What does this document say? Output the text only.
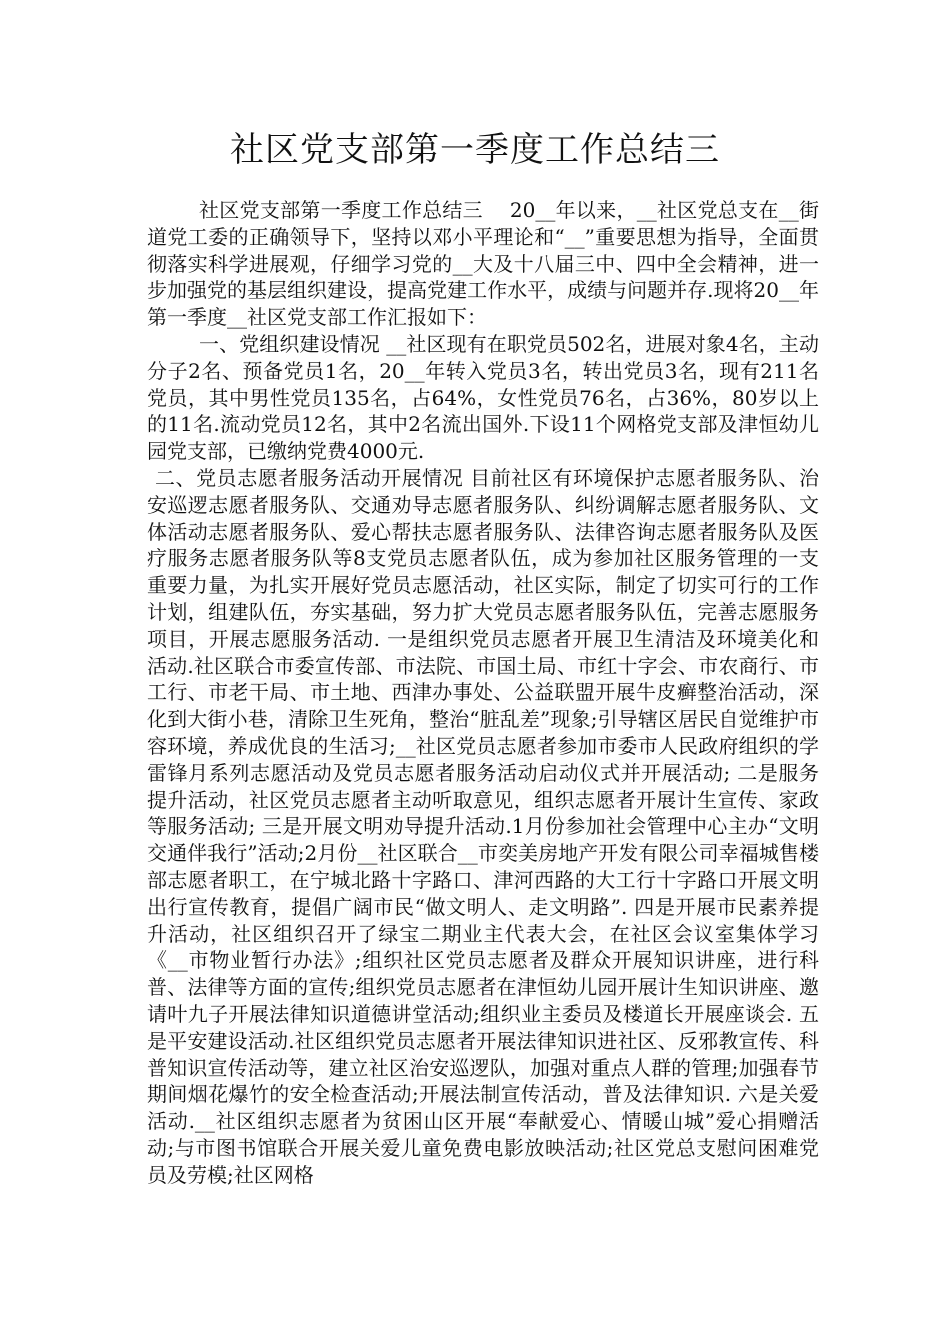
社区党支部第一季度工作总结三

社区党支部第一季度工作总结三　 20__年以来，__社区党总支在__街道党工委的正确领导下，坚持以邓小平理论和“__”重要思想为指导，全面贯彻落实科学进展观，仔细学习党的__大及十八届三中、四中全会精神，进一步加强党的基层组织建设，提高党建工作水平，成绩与问题并存.现将20__年第一季度__社区党支部工作汇报如下：

一、党组织建设情况 __社区现有在职党员502名，进展对象4名，主动分子2名、预备党员1名，20__年转入党员3名，转出党员3名，现有211名党员，其中男性党员135名，占64%，女性党员76名，占36%，80岁以上的11名.流动党员12名，其中2名流出国外.下设11个网格党支部及津恒幼儿园党支部，已缴纳党费4000元.

二、党员志愿者服务活动开展情况 目前社区有环境保护志愿者服务队、治安巡逻志愿者服务队、交通劝导志愿者服务队、纠纷调解志愿者服务队、文体活动志愿者服务队、爱心帮扶志愿者服务队、法律咨询志愿者服务队及医疗服务志愿者服务队等8支党员志愿者队伍，成为参加社区服务管理的一支重要力量，为扎实开展好党员志愿活动，社区实际，制定了切实可行的工作计划，组建队伍，夯实基础，努力扩大党员志愿者服务队伍，完善志愿服务项目，开展志愿服务活动. 一是组织党员志愿者开展卫生清洁及环境美化和活动.社区联合市委宣传部、市法院、市国土局、市红十字会、市农商行、市工行、市老干局、市土地、西津办事处、公益联盟开展牛皮癣整治活动，深化到大街小巷，清除卫生死角，整治“脏乱差”现象;引导辖区居民自觉维护市容环境，养成优良的生活习;__社区党员志愿者参加市委市人民政府组织的学雷锋月系列志愿活动及党员志愿者服务活动启动仪式并开展活动; 二是服务提升活动，社区党员志愿者主动听取意见，组织志愿者开展计生宣传、家政等服务活动; 三是开展文明劝导提升活动.1月份参加社会管理中心主办“文明交通伴我行”活动;2月份__社区联合__市奕美房地产开发有限公司幸福城售楼部志愿者职工，在宁城北路十字路口、津河西路的大工行十字路口开展文明出行宣传教育，提倡广阔市民“做文明人、走文明路”. 四是开展市民素养提升活动，社区组织召开了绿宝二期业主代表大会，在社区会议室集体学习《__市物业暂行办法》;组织社区党员志愿者及群众开展知识讲座，进行科普、法律等方面的宣传;组织党员志愿者在津恒幼儿园开展计生知识讲座、邀请叶九子开展法律知识道德讲堂活动;组织业主委员及楼道长开展座谈会. 五是平安建设活动.社区组织党员志愿者开展法律知识进社区、反邪教宣传、科普知识宣传活动等，建立社区治安巡逻队，加强对重点人群的管理;加强春节期间烟花爆竹的安全检查活动;开展法制宣传活动，普及法律知识. 六是关爱活动.__社区组织志愿者为贫困山区开展“奉献爱心、情暖山城”爱心捐赠活动;与市图书馆联合开展关爱儿童免费电影放映活动;社区党总支慰问困难党员及劳模;社区网格
